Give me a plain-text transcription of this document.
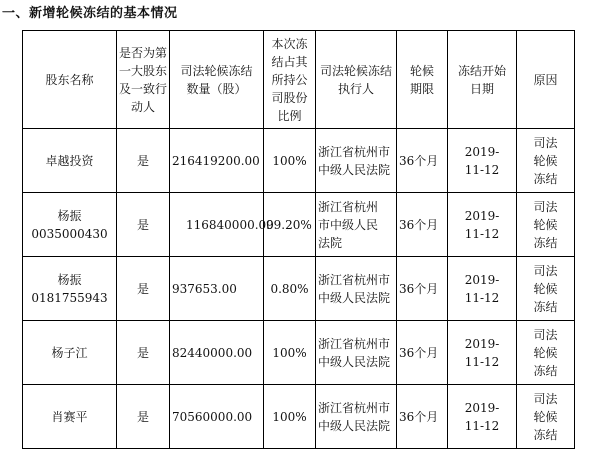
一、新增轮候冻结的基本情况
股东名称	是否为第一大股东及一致行动人	司法轮候冻结数量（股）	本次冻结占其所持公司股份比例	司法轮候冻结执行人	轮候期限	冻结开始日期	原因

卓越投资	是	216419200.00	100%	浙江省杭州市中级人民法院	36个月	2019-11-12	司法轮候冻结

杨振
0035000430	是	116840000.00	99.20%	浙江省杭州市中级人民法院	36个月	2019-11-12	司法轮候冻结

杨振
0181755943	是	937653.00	0.80%	浙江省杭州市中级人民法院	36个月	2019-11-12	司法轮候冻结

杨子江	是	82440000.00	100%	浙江省杭州市中级人民法院	36个月	2019-11-12	司法轮候冻结

肖赛平	是	70560000.00	100%	浙江省杭州市中级人民法院	36个月	2019-11-12	司法轮候冻结
